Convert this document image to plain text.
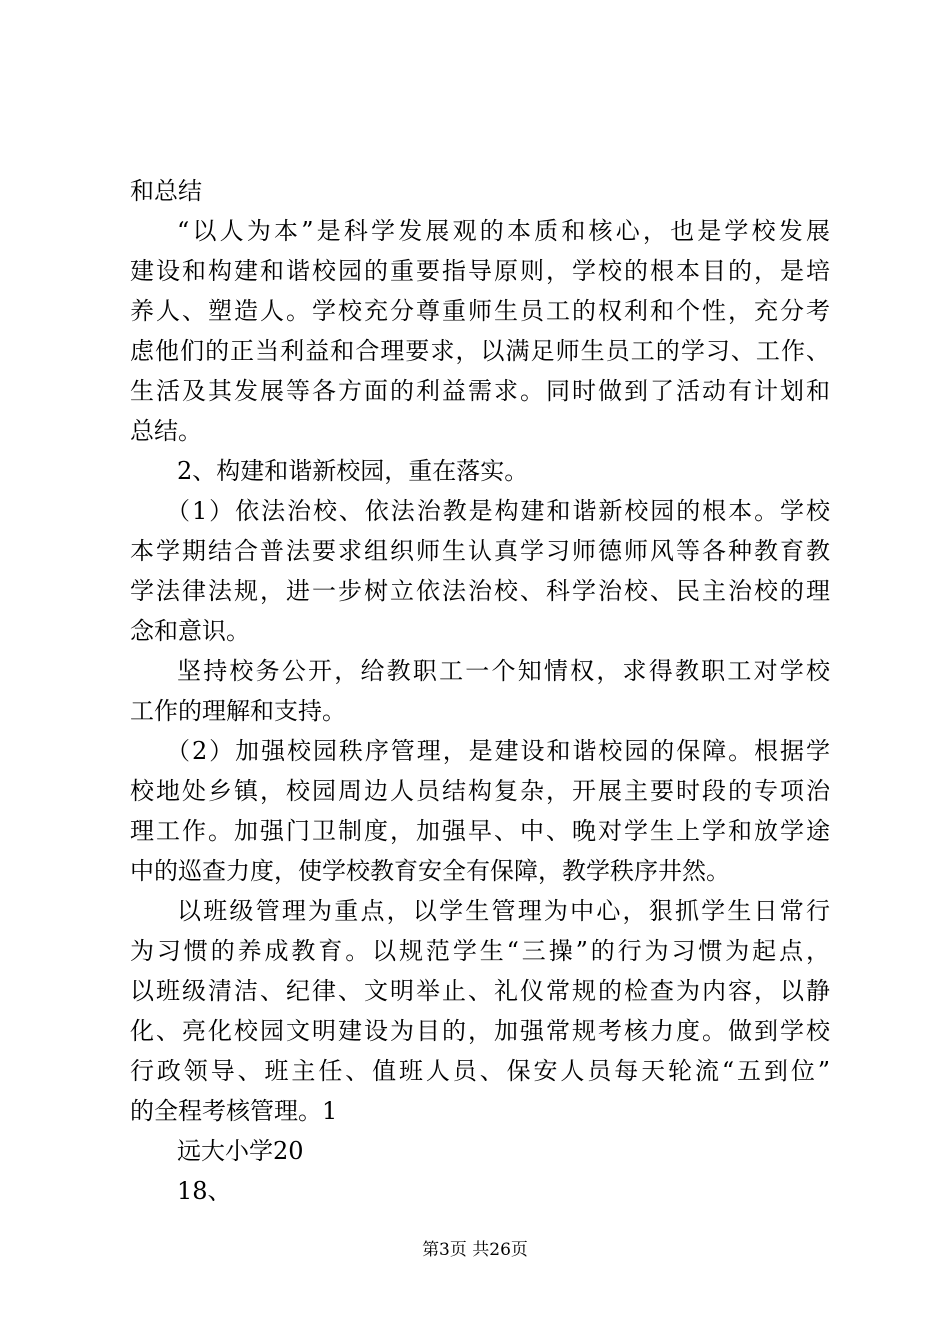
和总结
“以人为本”是科学发展观的本质和核心，也是学校发展
建设和构建和谐校园的重要指导原则，学校的根本目的，是培
养人、塑造人。学校充分尊重师生员工的权利和个性，充分考
虑他们的正当利益和合理要求，以满足师生员工的学习、工作、
生活及其发展等各方面的利益需求。同时做到了活动有计划和
总结。
2、构建和谐新校园，重在落实。
（1）依法治校、依法治教是构建和谐新校园的根本。学校
本学期结合普法要求组织师生认真学习师德师风等各种教育教
学法律法规，进一步树立依法治校、科学治校、民主治校的理
念和意识。
坚持校务公开，给教职工一个知情权，求得教职工对学校
工作的理解和支持。
（2）加强校园秩序管理，是建设和谐校园的保障。根据学
校地处乡镇，校园周边人员结构复杂，开展主要时段的专项治
理工作。加强门卫制度，加强早、中、晚对学生上学和放学途
中的巡查力度，使学校教育安全有保障，教学秩序井然。
以班级管理为重点，以学生管理为中心，狠抓学生日常行
为习惯的养成教育。以规范学生“三操”的行为习惯为起点，
以班级清洁、纪律、文明举止、礼仪常规的检查为内容，以静
化、亮化校园文明建设为目的，加强常规考核力度。做到学校
行政领导、班主任、值班人员、保安人员每天轮流“五到位”
的全程考核管理。1
远大小学20
18、
第3页 共26页
